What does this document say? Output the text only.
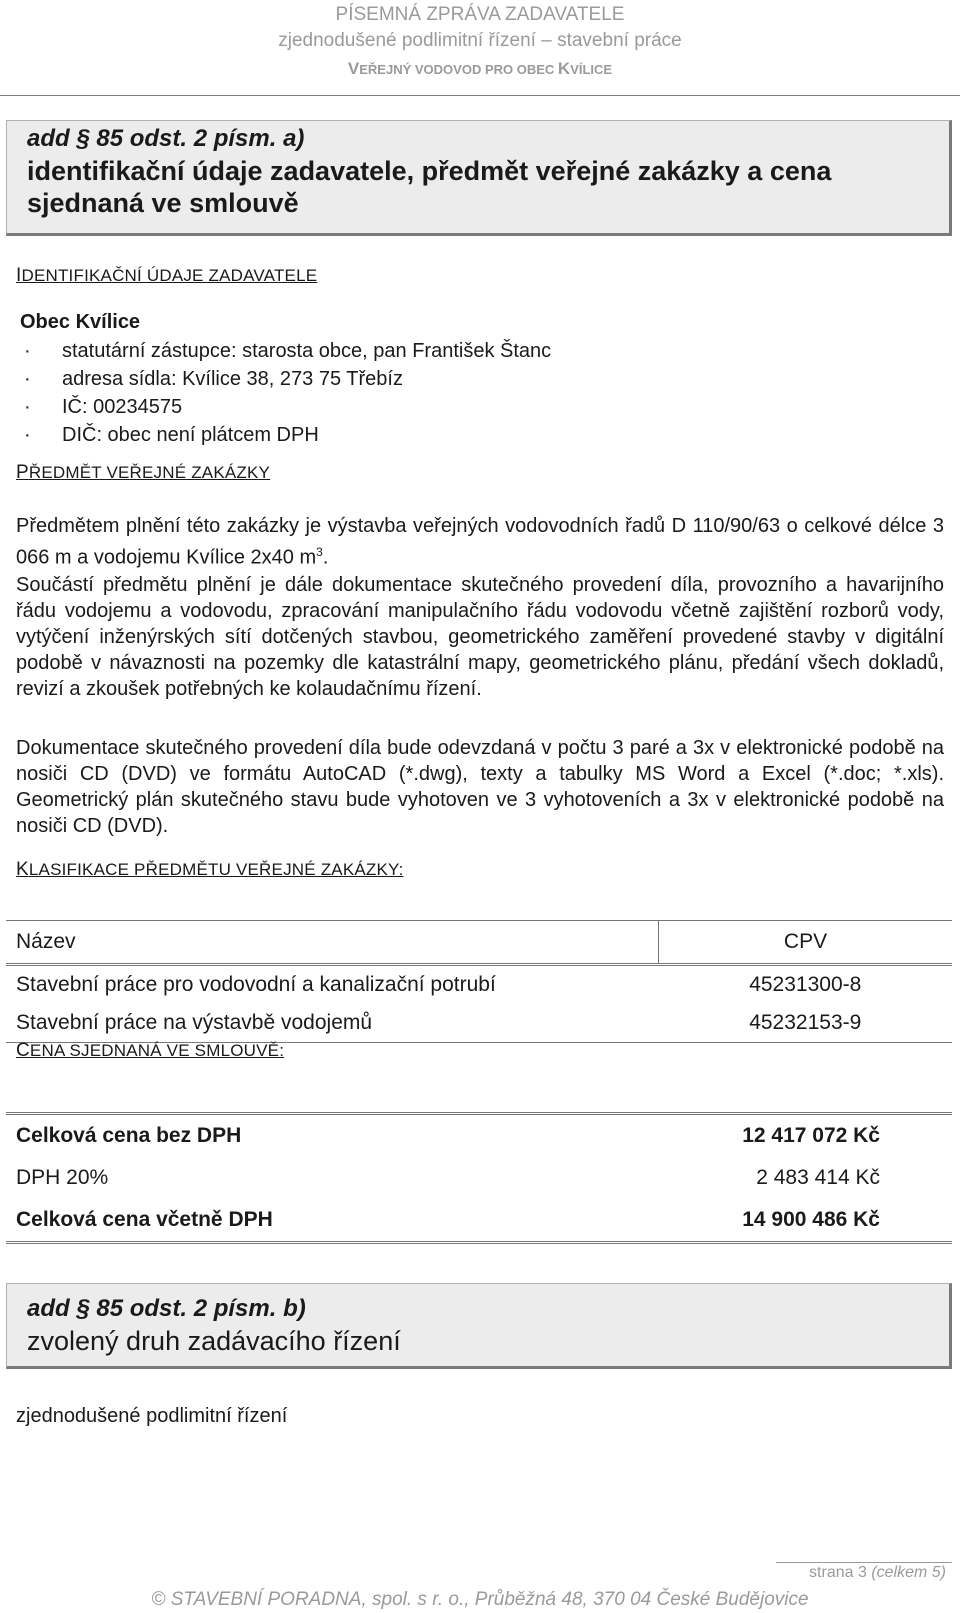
PÍSEMNÁ ZPRÁVA ZADAVATELE
zjednodušené podlimitní řízení – stavební práce
VEŘEJNÝ VODOVOD PRO OBEC KVÍLICE
add § 85 odst. 2 písm. a)
identifikační údaje zadavatele, předmět veřejné zakázky a cena
sjednaná ve smlouvě
IDENTIFIKAČNÍ ÚDAJE ZADAVATELE
Obec Kvílice
· statutární zástupce: starosta obce, pan František Štanc
· adresa sídla: Kvílice 38, 273 75 Třebíz
· IČ: 00234575
· DIČ: obec není plátcem DPH
PŘEDMĚT VEŘEJNÉ ZAKÁZKY
Předmětem plnění této zakázky je výstavba veřejných vodovodních řadů D 110/90/63 o celkové délce 3 066 m a vodojemu Kvílice 2x40 $m^3$.
Součástí předmětu plnění je dále dokumentace skutečného provedení díla, provozního a havarijního řádu vodojemu a vodovodu, zpracování manipulačního řádu vodovodu včetně zajištění rozborů vody, vytýčení inženýrských sítí dotčených stavbou, geometrického zaměření provedené stavby v digitální podobě v návaznosti na pozemky dle katastrální mapy, geometrického plánu, předání všech dokladů, revizí a zkoušek potřebných ke kolaudačnímu řízení.
Dokumentace skutečného provedení díla bude odevzdaná v počtu 3 paré a 3x v elektronické podobě na nosiči CD (DVD) ve formátu AutoCAD (*.dwg), texty a tabulky MS Word a Excel (*.doc; *.xls). Geometrický plán skutečného stavu bude vyhotoven ve 3 vyhotoveních a 3x v elektronické podobě na nosiči CD (DVD).
KLASIFIKACE PŘEDMĚTU VEŘEJNÉ ZAKÁZKY:
Název	CPV
Stavební práce pro vodovodní a kanalizační potrubí	45231300-8
Stavební práce na výstavbě vodojemů	45232153-9
CENA SJEDNANÁ VE SMLOUVĚ:
Celková cena bez DPH	12 417 072 Kč
DPH 20%	2 483 414 Kč
Celková cena včetně DPH	14 900 486 Kč
add § 85 odst. 2 písm. b)
zvolený druh zadávacího řízení
zjednodušené podlimitní řízení
strana 3 (celkem 5)
© STAVEBNÍ PORADNA, spol. s r. o., Průběžná 48, 370 04 České Budějovice
